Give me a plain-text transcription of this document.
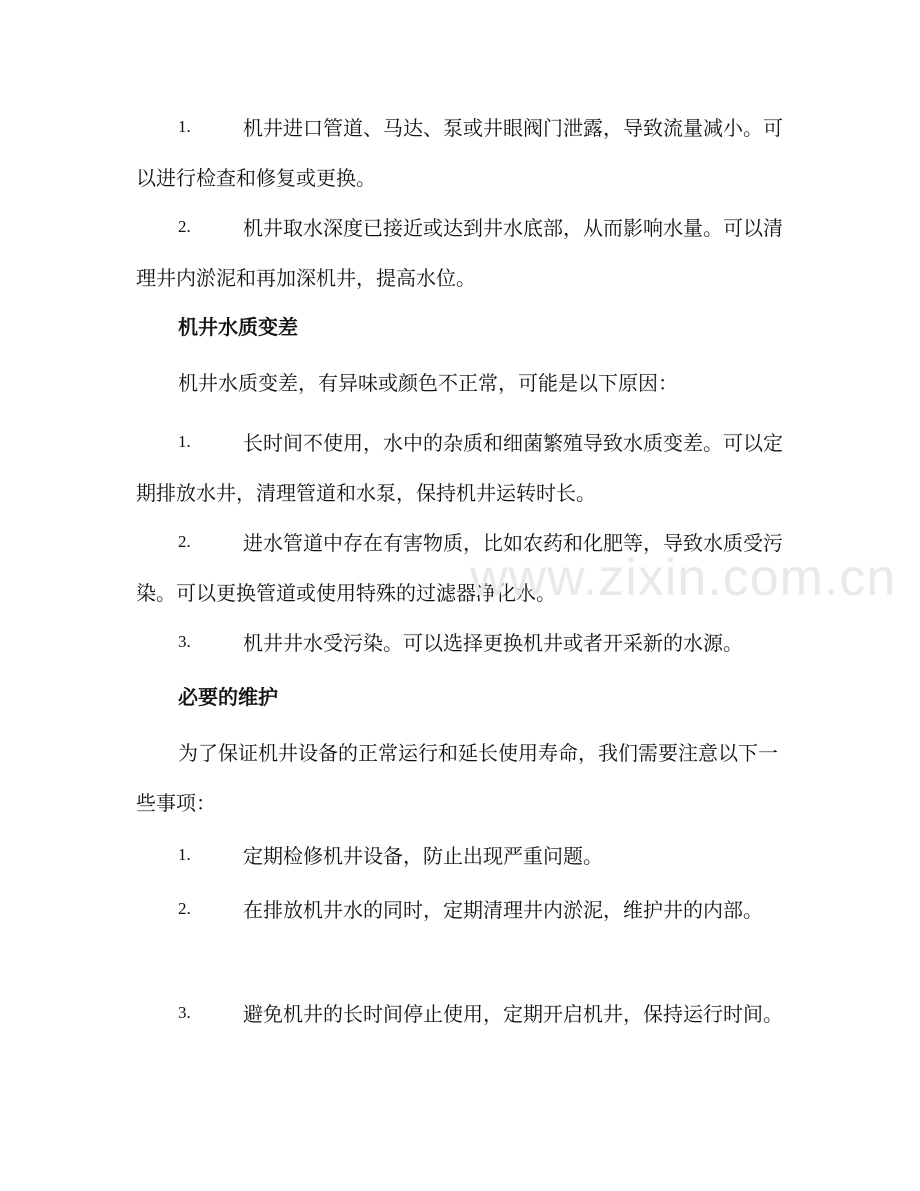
1.	机井进口管道、马达、泵或井眼阀门泄露，导致流量减小。可以进行检查和修复或更换。
2.	机井取水深度已接近或达到井水底部，从而影响水量。可以清理井内淤泥和再加深机井，提高水位。
机井水质变差
机井水质变差，有异味或颜色不正常，可能是以下原因：
1.	长时间不使用，水中的杂质和细菌繁殖导致水质变差。可以定期排放水井，清理管道和水泵，保持机井运转时长。
2.	进水管道中存在有害物质，比如农药和化肥等，导致水质受污染。可以更换管道或使用特殊的过滤器净化水。
3.	机井井水受污染。可以选择更换机井或者开采新的水源。
必要的维护
为了保证机井设备的正常运行和延长使用寿命，我们需要注意以下一些事项：
1.	定期检修机井设备，防止出现严重问题。
2.	在排放机井水的同时，定期清理井内淤泥，维护井的内部。
3.	避免机井的长时间停止使用，定期开启机井，保持运行时间。
www.zixin.com.cn
